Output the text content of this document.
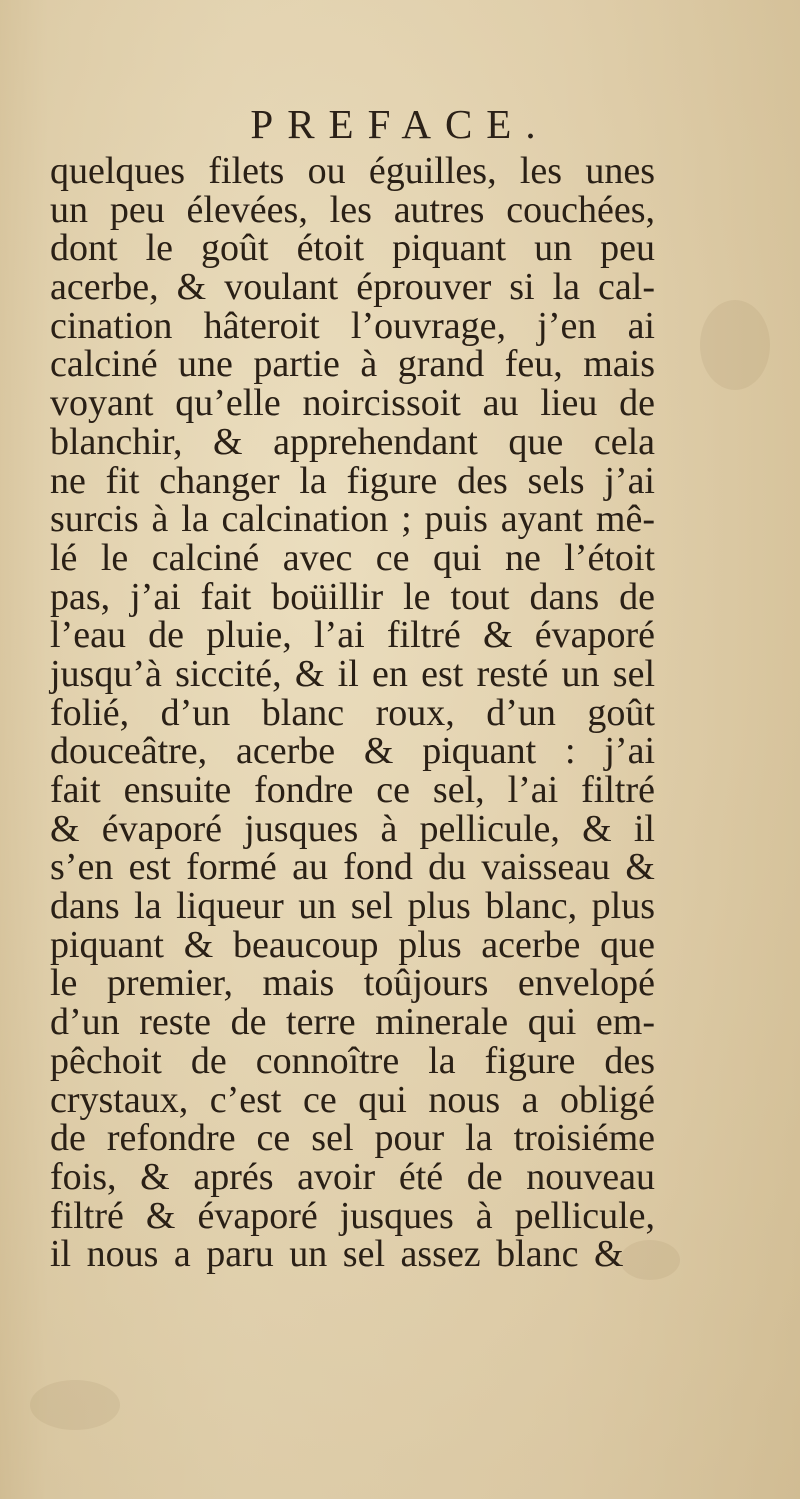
PREFACE.
quelques filets ou éguilles, les unes
un peu élevées, les autres couchées,
dont le goût étoit piquant un peu
acerbe, & voulant éprouver si la cal-
cination hâteroit l’ouvrage, j’en ai
calciné une partie à grand feu, mais
voyant qu’elle noircissoit au lieu de
blanchir, & apprehendant que cela
ne fit changer la figure des sels j’ai
surcis à la calcination ; puis ayant mê-
lé le calciné avec ce qui ne l’étoit
pas, j’ai fait boüillir le tout dans de
l’eau de pluie, l’ai filtré & évaporé
jusqu’à siccité, & il en est resté un sel
folié, d’un blanc roux, d’un goût
douceâtre, acerbe & piquant : j’ai
fait ensuite fondre ce sel, l’ai filtré
& évaporé jusques à pellicule, & il
s’en est formé au fond du vaisseau &
dans la liqueur un sel plus blanc, plus
piquant & beaucoup plus acerbe que
le premier, mais toûjours envelopé
d’un reste de terre minerale qui em-
pêchoit de connoître la figure des
crystaux, c’est ce qui nous a obligé
de refondre ce sel pour la troisiéme
fois, & aprés avoir été de nouveau
filtré & évaporé jusques à pellicule,
il nous a paru un sel assez blanc &
